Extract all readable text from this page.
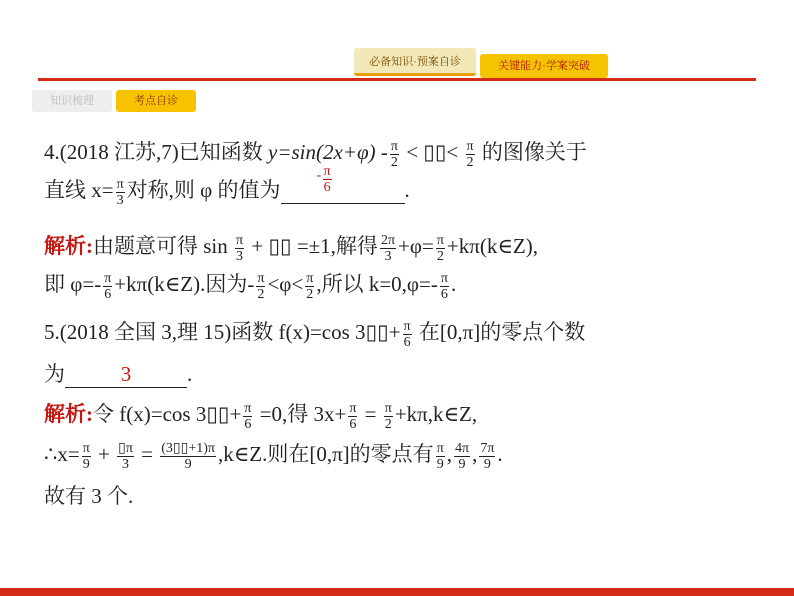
必备知识·预案自诊	关键能力·学案突破
知识梳理	考点自诊
4.(2018 江苏,7)已知函数 $y=\sin(2x+\varphi) - \frac{\pi}{2}$ < ▯▯< $\frac{\pi}{2}$ 的图像关于
直线 $x= \frac{\pi}{3}$ 对称,则 φ 的值为
- $\frac{\pi}{6}$	.
解析:由题意可得 $\sin \frac{\pi}{3}$ + ▯▯ =±1,解得 $\frac{2\pi}{3} +\varphi= \frac{\pi}{2}$ +kπ(k∈Z),
即 $\varphi=- \frac{\pi}{6}$ +kπ(k∈Z).因为- $\frac{\pi}{2} <\varphi< \frac{\pi}{2}$ ,所以 $k=0,\varphi=- \frac{\pi}{6}$ .
5.(2018 全国 3,理 15)函数 f(x)=cos 3▯▯+ $\frac{\pi}{6}$ 在[0,π]的零点个数
为	3	.
解析:令 f(x)=cos 3▯▯+ $\frac{\pi}{6} =0$,得 $3x+ \frac{\pi}{6} = \frac{\pi}{2}$ +kπ,k∈Z,
∴x= $\frac{\pi}{9} + \frac{▯\pi}{3} = \frac{(3▯▯+1)\pi}{9}$ ,k∈Z.则在[0,π]的零点有 $\frac{\pi}{9}$ , $\frac{4\pi}{9}$ , $\frac{7\pi}{9}$ .
故有 3 个.
